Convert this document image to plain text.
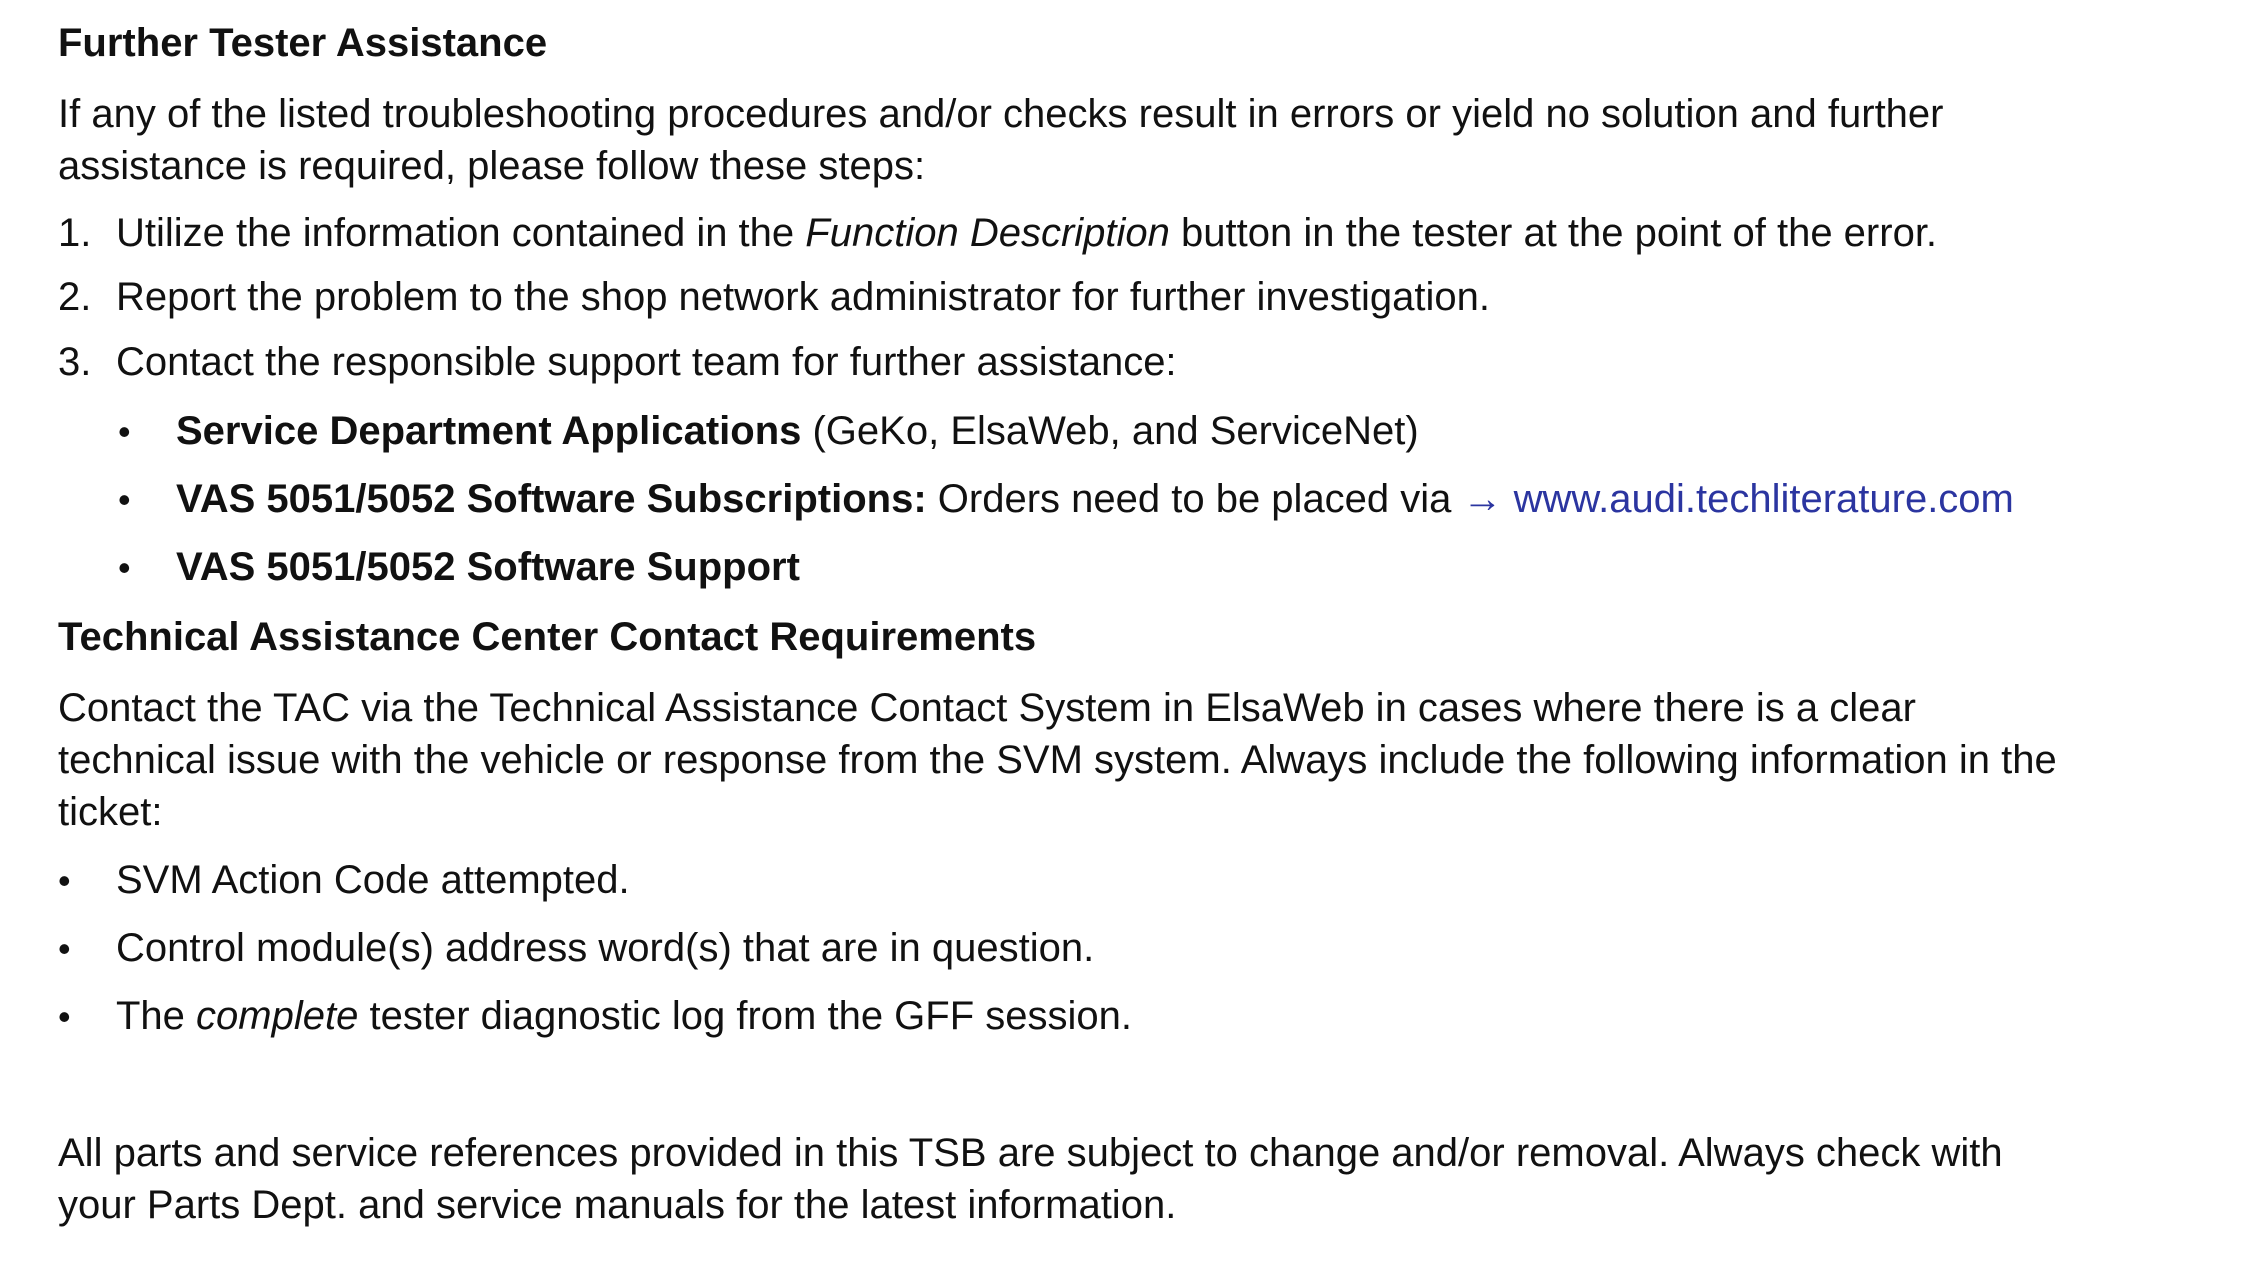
Further Tester Assistance
If any of the listed troubleshooting procedures and/or checks result in errors or yield no solution and further
assistance is required, please follow these steps:
1. Utilize the information contained in the Function Description button in the tester at the point of the error.
2. Report the problem to the shop network administrator for further investigation.
3. Contact the responsible support team for further assistance:
•Service Department Applications (GeKo, ElsaWeb, and ServiceNet)
•VAS 5051/5052 Software Subscriptions: Orders need to be placed via → www.audi.techliterature.com
•VAS 5051/5052 Software Support
Technical Assistance Center Contact Requirements
Contact the TAC via the Technical Assistance Contact System in ElsaWeb in cases where there is a clear
technical issue with the vehicle or response from the SVM system. Always include the following information in the
ticket:
•SVM Action Code attempted.
•Control module(s) address word(s) that are in question.
•The complete tester diagnostic log from the GFF session.
All parts and service references provided in this TSB are subject to change and/or removal. Always check with
your Parts Dept. and service manuals for the latest information.
